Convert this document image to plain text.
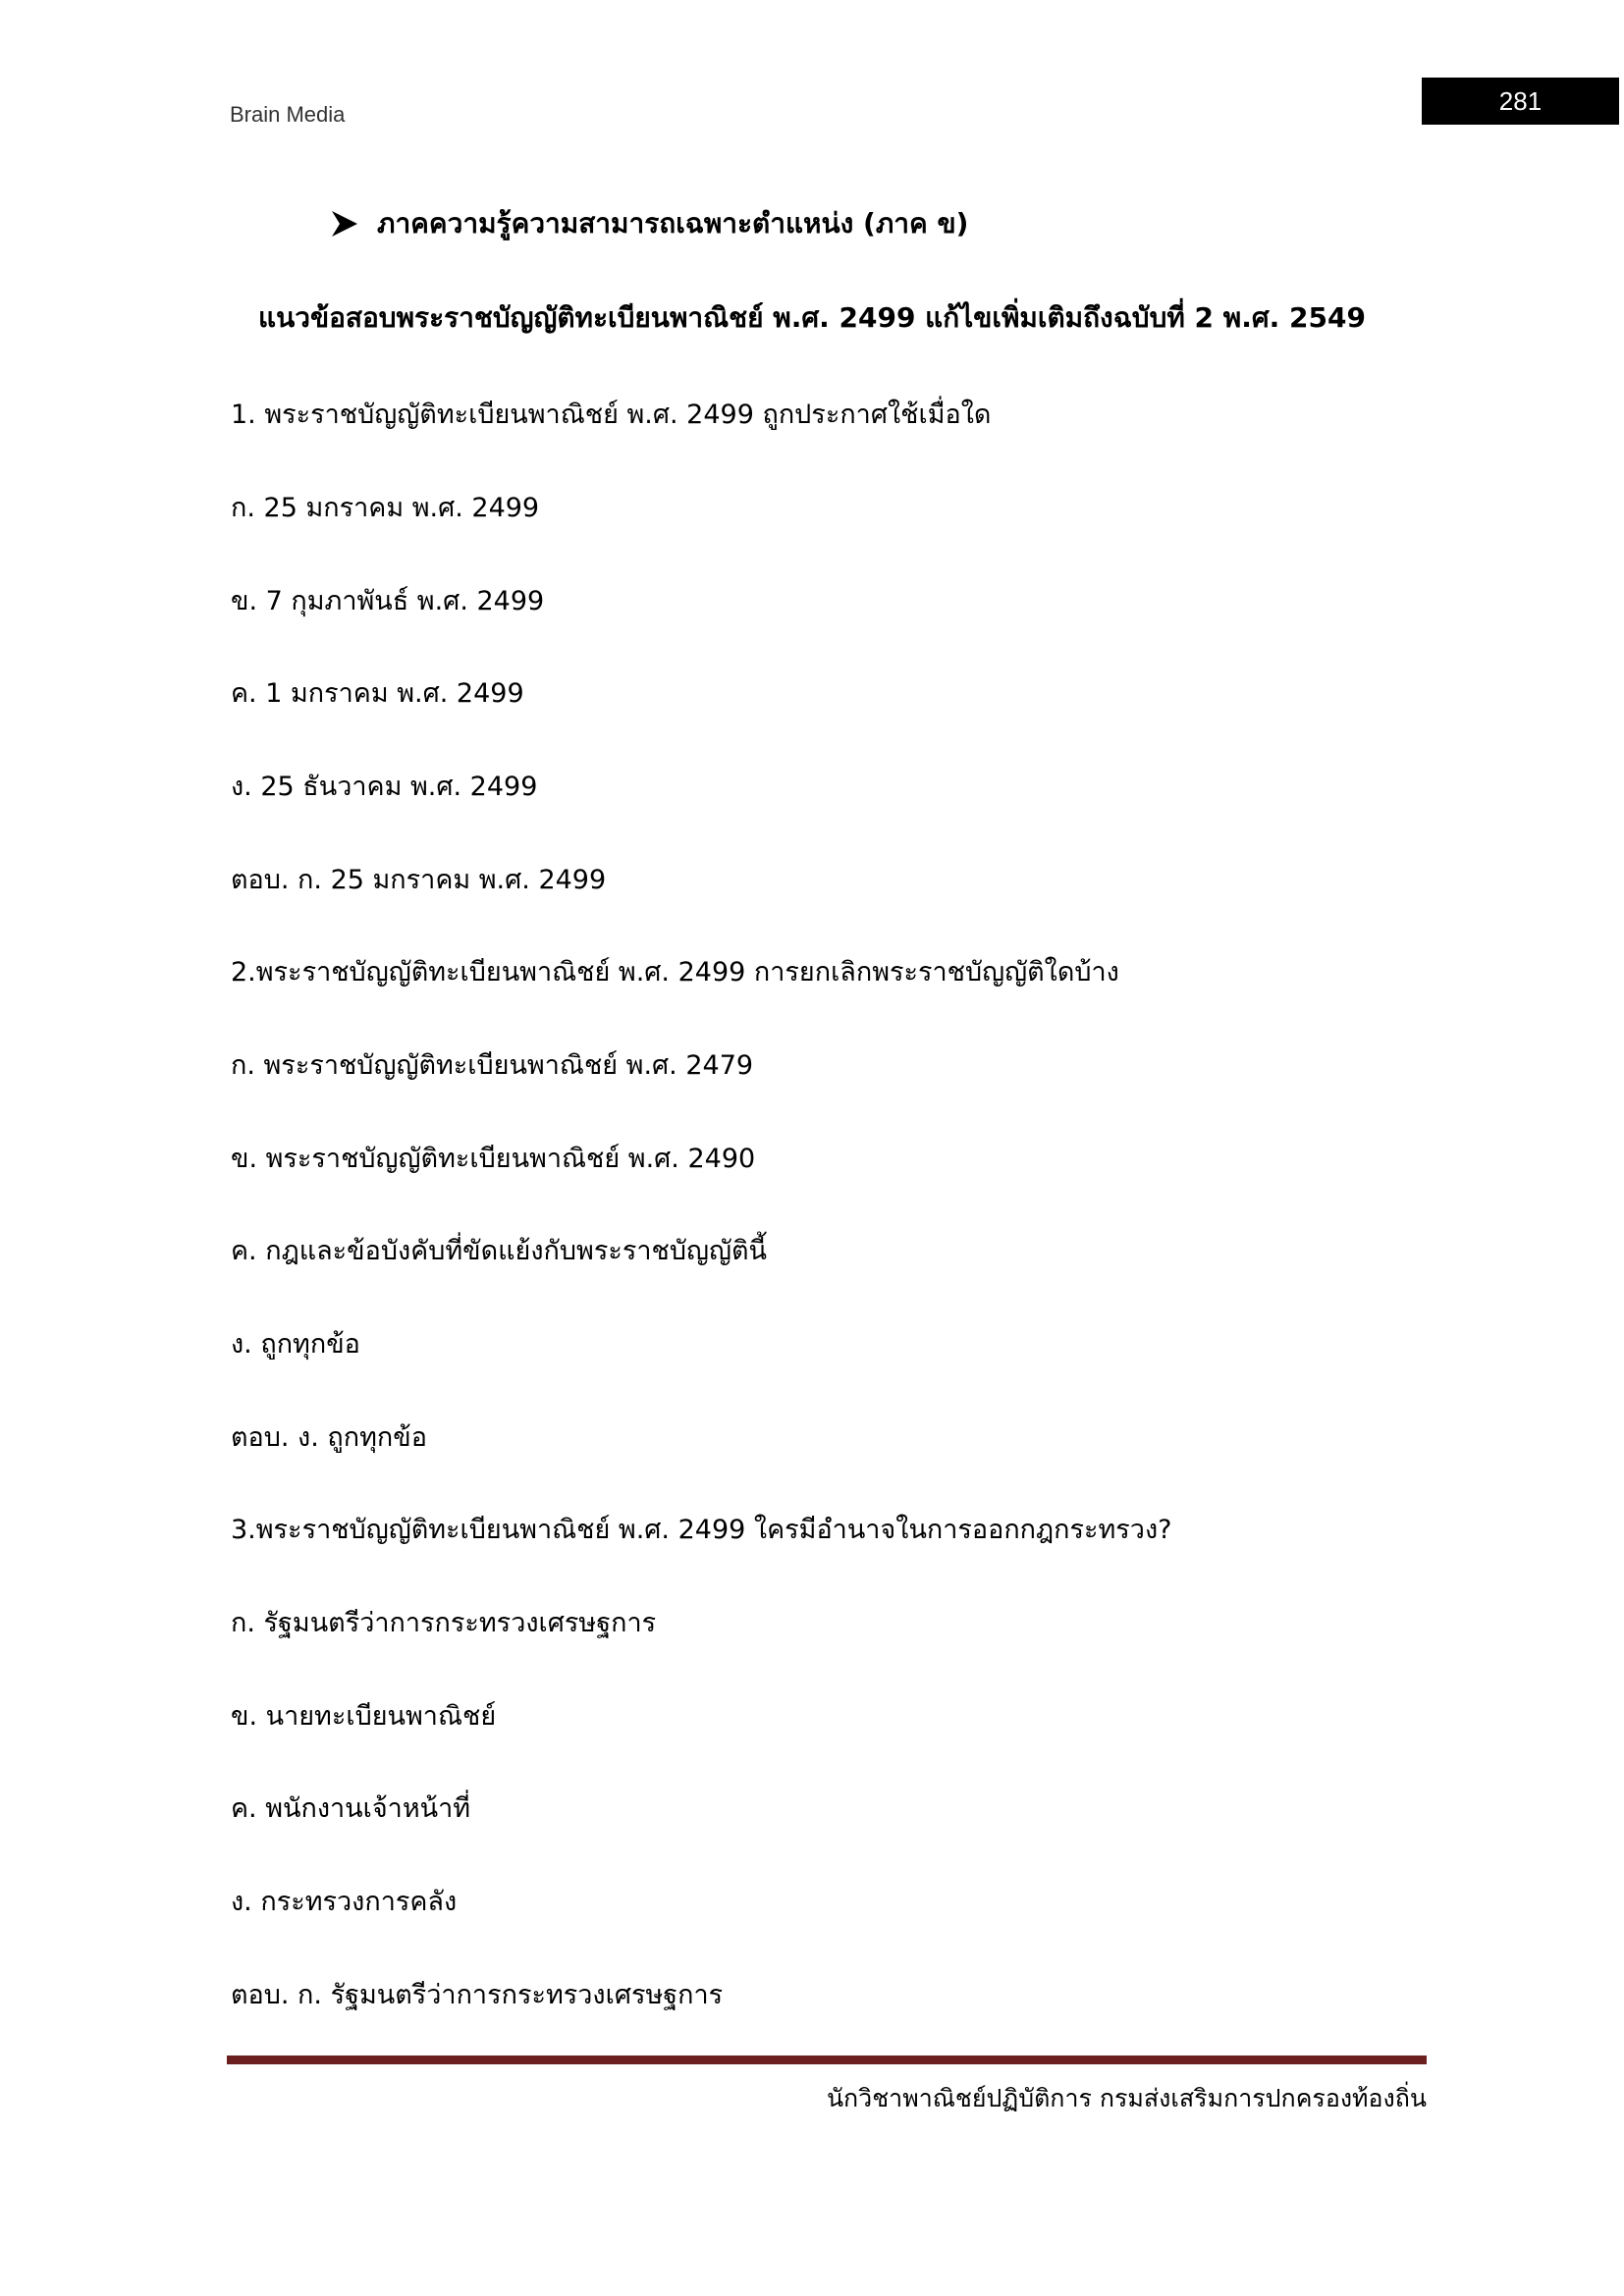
Brain Media	281
ภาคความรู้ความสามารถเฉพาะตำแหน่ง (ภาค ข)
แนวข้อสอบพระราชบัญญัติทะเบียนพาณิชย์ พ.ศ. 2499 แก้ไขเพิ่มเติมถึงฉบับที่ 2 พ.ศ. 2549
1. พระราชบัญญัติทะเบียนพาณิชย์ พ.ศ. 2499 ถูกประกาศใช้เมื่อใด
ก. 25 มกราคม พ.ศ. 2499
ข. 7 กุมภาพันธ์ พ.ศ. 2499
ค. 1 มกราคม พ.ศ. 2499
ง. 25 ธันวาคม พ.ศ. 2499
ตอบ. ก. 25 มกราคม พ.ศ. 2499
2.พระราชบัญญัติทะเบียนพาณิชย์ พ.ศ. 2499 การยกเลิกพระราชบัญญัติใดบ้าง
ก. พระราชบัญญัติทะเบียนพาณิชย์ พ.ศ. 2479
ข. พระราชบัญญัติทะเบียนพาณิชย์ พ.ศ. 2490
ค. กฎและข้อบังคับที่ขัดแย้งกับพระราชบัญญัตินี้
ง. ถูกทุกข้อ
ตอบ. ง. ถูกทุกข้อ
3.พระราชบัญญัติทะเบียนพาณิชย์ พ.ศ. 2499 ใครมีอำนาจในการออกกฎกระทรวง?
ก. รัฐมนตรีว่าการกระทรวงเศรษฐการ
ข. นายทะเบียนพาณิชย์
ค. พนักงานเจ้าหน้าที่
ง. กระทรวงการคลัง
ตอบ. ก. รัฐมนตรีว่าการกระทรวงเศรษฐการ
นักวิชาพาณิชย์ปฏิบัติการ กรมส่งเสริมการปกครองท้องถิ่น
